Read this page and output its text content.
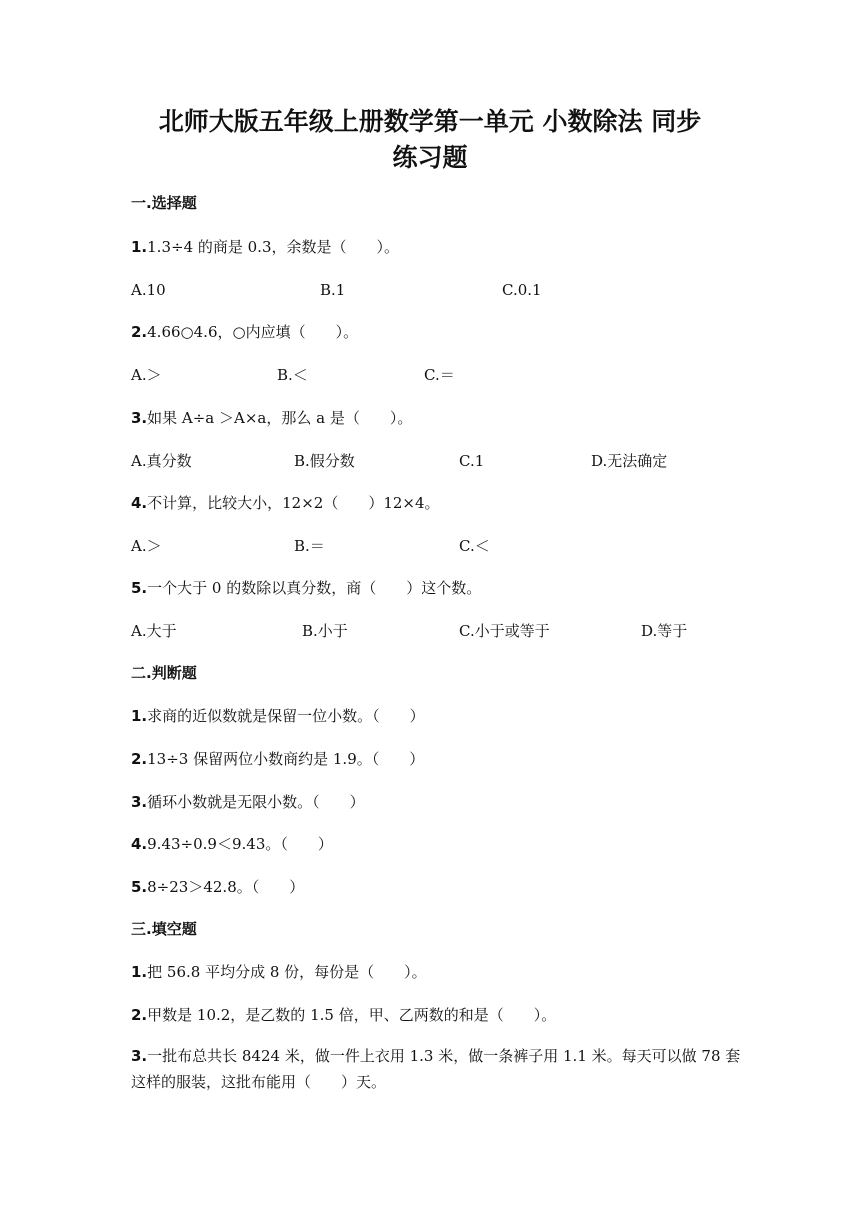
北师大版五年级上册数学第一单元 小数除法 同步
练习题
一.选择题
1.1.3÷4 的商是 0.3，余数是（　　）。
A.10	B.1	C.0.1
2.4.66○4.6，○内应填（　　）。
A.＞	B.＜	C.＝
3.如果 A÷a ＞A×a，那么 a 是（　　）。
A.真分数	B.假分数	C.1	D.无法确定
4.不计算，比较大小，12×2（　　）12×4。
A.＞	B.＝	C.＜
5.一个大于 0 的数除以真分数，商（　　）这个数。
A.大于	B.小于	C.小于或等于	D.等于
二.判断题
1.求商的近似数就是保留一位小数。（　　）
2.13÷3 保留两位小数商约是 1.9。（　　）
3.循环小数就是无限小数。（　　）
4.9.43÷0.9＜9.43。（　　）
5.8÷23＞42.8。（　　）
三.填空题
1.把 56.8 平均分成 8 份，每份是（　　）。
2.甲数是 10.2，是乙数的 1.5 倍，甲、乙两数的和是（　　）。
3.一批布总共长 8424 米，做一件上衣用 1.3 米，做一条裤子用 1.1 米。每天可以做 78 套这样的服装，这批布能用（　　）天。
